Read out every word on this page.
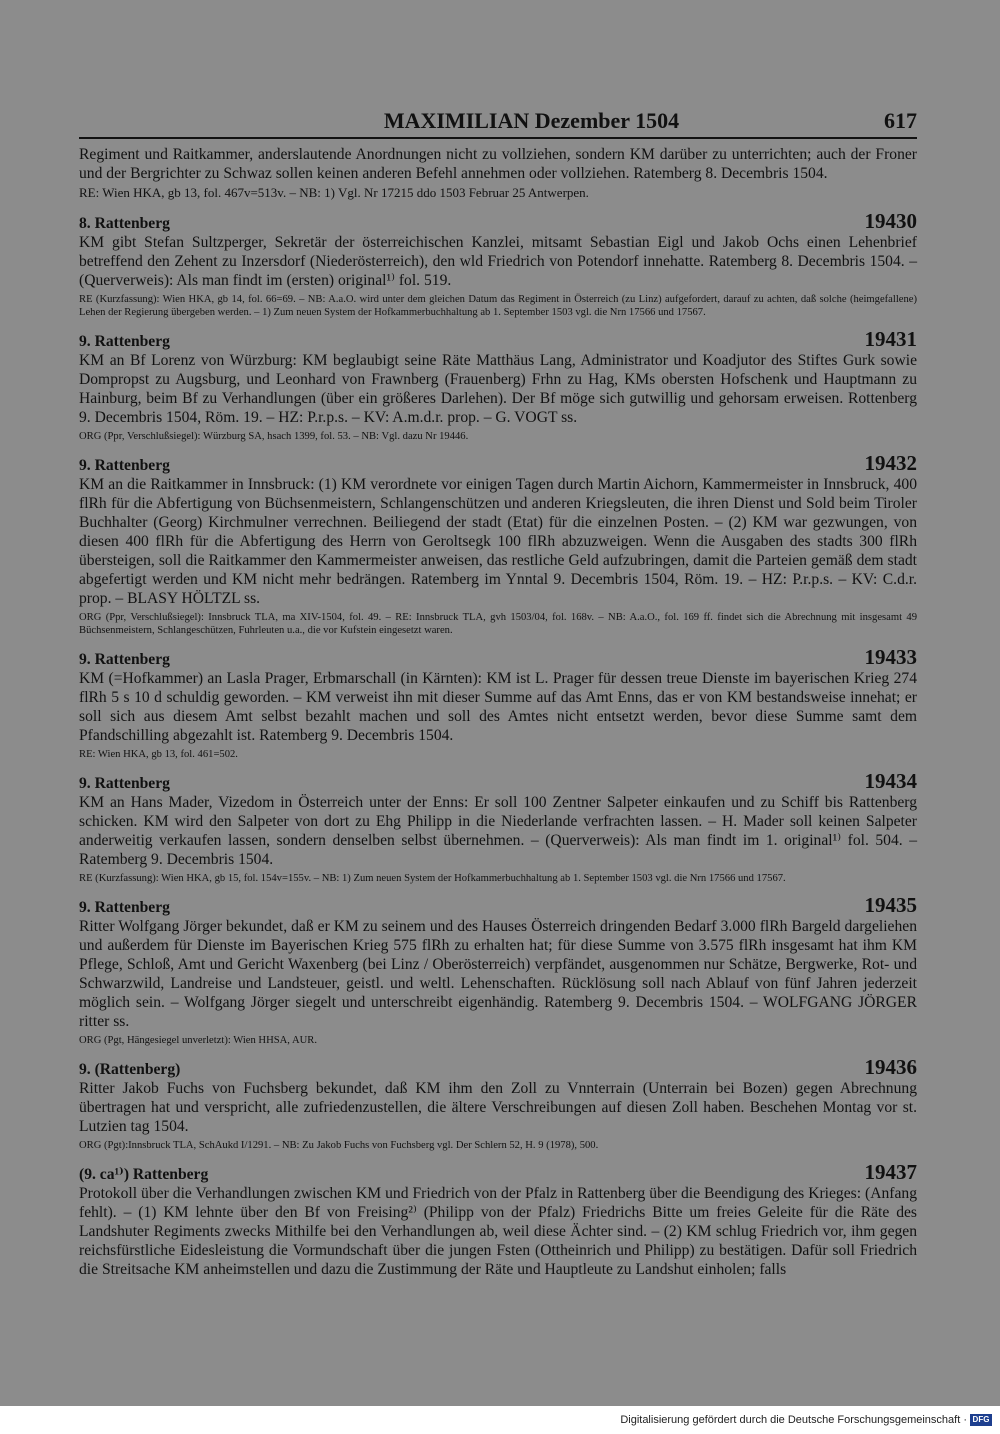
MAXIMILIAN Dezember 1504	617
Regiment und Raitkammer, anderslautende Anordnungen nicht zu vollziehen, sondern KM darüber zu unterrichten; auch der Froner und der Bergrichter zu Schwaz sollen keinen anderen Befehl annehmen oder vollziehen. Ratemberg 8. Decembris 1504.
RE: Wien HKA, gb 13, fol. 467v=513v. – NB: 1) Vgl. Nr 17215 ddo 1503 Februar 25 Antwerpen.
8. Rattenberg	19430
KM gibt Stefan Sultzperger, Sekretär der österreichischen Kanzlei, mitsamt Sebastian Eigl und Jakob Ochs einen Lehenbrief betreffend den Zehent zu Inzersdorf (Niederösterreich), den wld Friedrich von Potendorf innehatte. Ratemberg 8. Decembris 1504. – (Querverweis): Als man findt im (ersten) original¹⁾ fol. 519.
RE (Kurzfassung): Wien HKA, gb 14, fol. 66=69. – NB: A.a.O. wird unter dem gleichen Datum das Regiment in Österreich (zu Linz) aufgefordert, darauf zu achten, daß solche (heimgefallene) Lehen der Regierung übergeben werden. – 1) Zum neuen System der Hofkammerbuchhaltung ab 1. September 1503 vgl. die Nrn 17566 und 17567.
9. Rattenberg	19431
KM an Bf Lorenz von Würzburg: KM beglaubigt seine Räte Matthäus Lang, Administrator und Koadjutor des Stiftes Gurk sowie Dompropst zu Augsburg, und Leonhard von Frawnberg (Frauenberg) Frhn zu Hag, KMs obersten Hofschenk und Hauptmann zu Hainburg, beim Bf zu Verhandlungen (über ein größeres Darlehen). Der Bf möge sich gutwillig und gehorsam erweisen. Rottenberg 9. Decembris 1504, Röm. 19. – HZ: P.r.p.s. – KV: A.m.d.r. prop. – G. VOGT ss.
ORG (Ppr, Verschlußsiegel): Würzburg SA, hsach 1399, fol. 53. – NB: Vgl. dazu Nr 19446.
9. Rattenberg	19432
KM an die Raitkammer in Innsbruck: (1) KM verordnete vor einigen Tagen durch Martin Aichorn, Kammermeister in Innsbruck, 400 flRh für die Abfertigung von Büchsenmeistern, Schlangenschützen und anderen Kriegsleuten, die ihren Dienst und Sold beim Tiroler Buchhalter (Georg) Kirchmulner verrechnen. Beiliegend der stadt (Etat) für die einzelnen Posten. – (2) KM war gezwungen, von diesen 400 flRh für die Abfertigung des Herrn von Geroltsegk 100 flRh abzuzweigen. Wenn die Ausgaben des stadts 300 flRh übersteigen, soll die Raitkammer den Kammermeister anweisen, das restliche Geld aufzubringen, damit die Parteien gemäß dem stadt abgefertigt werden und KM nicht mehr bedrängen. Ratemberg im Ynntal 9. Decembris 1504, Röm. 19. – HZ: P.r.p.s. – KV: C.d.r. prop. – BLASY HÖLTZL ss.
ORG (Ppr, Verschlußsiegel): Innsbruck TLA, ma XIV-1504, fol. 49. – RE: Innsbruck TLA, gvh 1503/04, fol. 168v. – NB: A.a.O., fol. 169 ff. findet sich die Abrechnung mit insgesamt 49 Büchsenmeistern, Schlangeschützen, Fuhrleuten u.a., die vor Kufstein eingesetzt waren.
9. Rattenberg	19433
KM (=Hofkammer) an Lasla Prager, Erbmarschall (in Kärnten): KM ist L. Prager für dessen treue Dienste im bayerischen Krieg 274 flRh 5 s 10 d schuldig geworden. – KM verweist ihn mit dieser Summe auf das Amt Enns, das er von KM bestandsweise innehat; er soll sich aus diesem Amt selbst bezahlt machen und soll des Amtes nicht entsetzt werden, bevor diese Summe samt dem Pfandschilling abgezahlt ist. Ratemberg 9. Decembris 1504.
RE: Wien HKA, gb 13, fol. 461=502.
9. Rattenberg	19434
KM an Hans Mader, Vizedom in Österreich unter der Enns: Er soll 100 Zentner Salpeter einkaufen und zu Schiff bis Rattenberg schicken. KM wird den Salpeter von dort zu Ehg Philipp in die Niederlande verfrachten lassen. – H. Mader soll keinen Salpeter anderweitig verkaufen lassen, sondern denselben selbst übernehmen. – (Querverweis): Als man findt im 1. original¹⁾ fol. 504. – Ratemberg 9. Decembris 1504.
RE (Kurzfassung): Wien HKA, gb 15, fol. 154v=155v. – NB: 1) Zum neuen System der Hofkammerbuchhaltung ab 1. September 1503 vgl. die Nrn 17566 und 17567.
9. Rattenberg	19435
Ritter Wolfgang Jörger bekundet, daß er KM zu seinem und des Hauses Österreich dringenden Bedarf 3.000 flRh Bargeld dargeliehen und außerdem für Dienste im Bayerischen Krieg 575 flRh zu erhalten hat; für diese Summe von 3.575 flRh insgesamt hat ihm KM Pflege, Schloß, Amt und Gericht Waxenberg (bei Linz / Oberösterreich) verpfändet, ausgenommen nur Schätze, Bergwerke, Rot- und Schwarzwild, Landreise und Landsteuer, geistl. und weltl. Lehenschaften. Rücklösung soll nach Ablauf von fünf Jahren jederzeit möglich sein. – Wolfgang Jörger siegelt und unterschreibt eigenhändig. Ratemberg 9. Decembris 1504. – WOLFGANG JÖRGER ritter ss.
ORG (Pgt, Hängesiegel unverletzt): Wien HHSA, AUR.
9. (Rattenberg)	19436
Ritter Jakob Fuchs von Fuchsberg bekundet, daß KM ihm den Zoll zu Vnnterrain (Unterrain bei Bozen) gegen Abrechnung übertragen hat und verspricht, alle zufriedenzustellen, die ältere Verschreibungen auf diesen Zoll haben. Beschehen Montag vor st. Lutzien tag 1504.
ORG (Pgt):Innsbruck TLA, SchAukd I/1291. – NB: Zu Jakob Fuchs von Fuchsberg vgl. Der Schlern 52, H. 9 (1978), 500.
(9. ca¹⁾) Rattenberg	19437
Protokoll über die Verhandlungen zwischen KM und Friedrich von der Pfalz in Rattenberg über die Beendigung des Krieges: (Anfang fehlt). – (1) KM lehnte über den Bf von Freising²⁾ (Philipp von der Pfalz) Friedrichs Bitte um freies Geleite für die Räte des Landshuter Regiments zwecks Mithilfe bei den Verhandlungen ab, weil diese Ächter sind. – (2) KM schlug Friedrich vor, ihm gegen reichsfürstliche Eidesleistung die Vormundschaft über die jungen Fsten (Ottheinrich und Philipp) zu bestätigen. Dafür soll Friedrich die Streitsache KM anheimstellen und dazu die Zustimmung der Räte und Hauptleute zu Landshut einholen; falls
Digitalisierung gefördert durch die Deutsche Forschungsgemeinschaft · DFG
